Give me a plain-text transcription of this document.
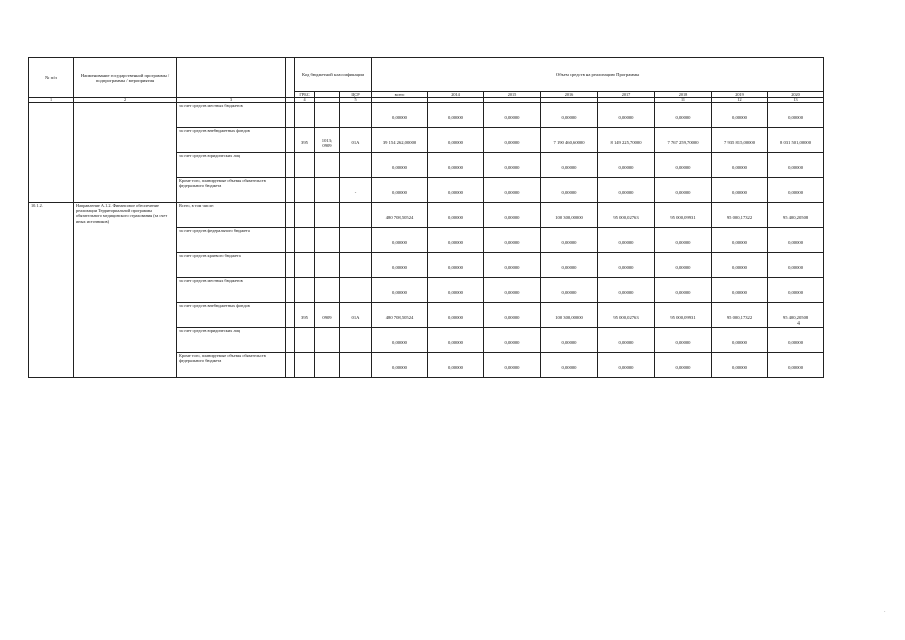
№ п/п	Наименование государственной программы / подпрограммы / мероприятия			Код бюджетной классификации			Объем средств на реализацию Программы							
				ГРБС		ЦСР	всего	2014	2015	2016	2017	2018	2019	2020
1	2	3		4		5						11	12	13
		за счет средств местных бюджетов					0,00000	0,00000	0,00000	0,00000	0,00000	0,00000	0,00000	0,00000
		за счет средств внебюджетных фондов		395	1013; 0909	01А	39 154 262,00000	0,00000	0,00000	7 190 460,60000	8 149 225,70000	7 767 259,70000	7 935 815,00000	8 031 501,00000
		за счет средств юридических лиц					0,00000	0,00000	0,00000	0,00000	0,00000	0,00000	0,00000	0,00000
		Кроме того, планируемые объемы обязательств федерального бюджета				-	0,00000	0,00000	0,00000	0,00000	0,00000	0,00000	0,00000	0,00000
10.1.2.	Направление А.1.2. Финансовое обеспечение реализации Территориальной программы обязательного медицинского страхования (за счет иных источников)	Всего, в том числе:					480 708,50524	0,00000	0,00000	100 300,00000	95 000,02763	95 000,09931	95 000,17322	95 400,20508
		за счет средств федерального бюджета					0,00000	0,00000	0,00000	0,00000	0,00000	0,00000	0,00000	0,00000
		за счет средств краевого бюджета					0,00000	0,00000	0,00000	0,00000	0,00000	0,00000	0,00000	0,00000
		за счет средств местных бюджетов					0,00000	0,00000	0,00000	0,00000	0,00000	0,00000	0,00000	0,00000
		за счет средств внебюджетных фондов		395	0909	01А	480 708,50524	0,00000	0,00000	100 300,00000	95 000,02763	95 000,09931	95 000,17322	95 400,20508
		за счет средств юридических лиц					0,00000	0,00000	0,00000	0,00000	0,00000	0,00000	0,00000	0,00000
		Кроме того, планируемые объемы обязательств федерального бюджета					0,00000	0,00000	0,00000	0,00000	0,00000	0,00000	0,00000	0,00000
4
·
